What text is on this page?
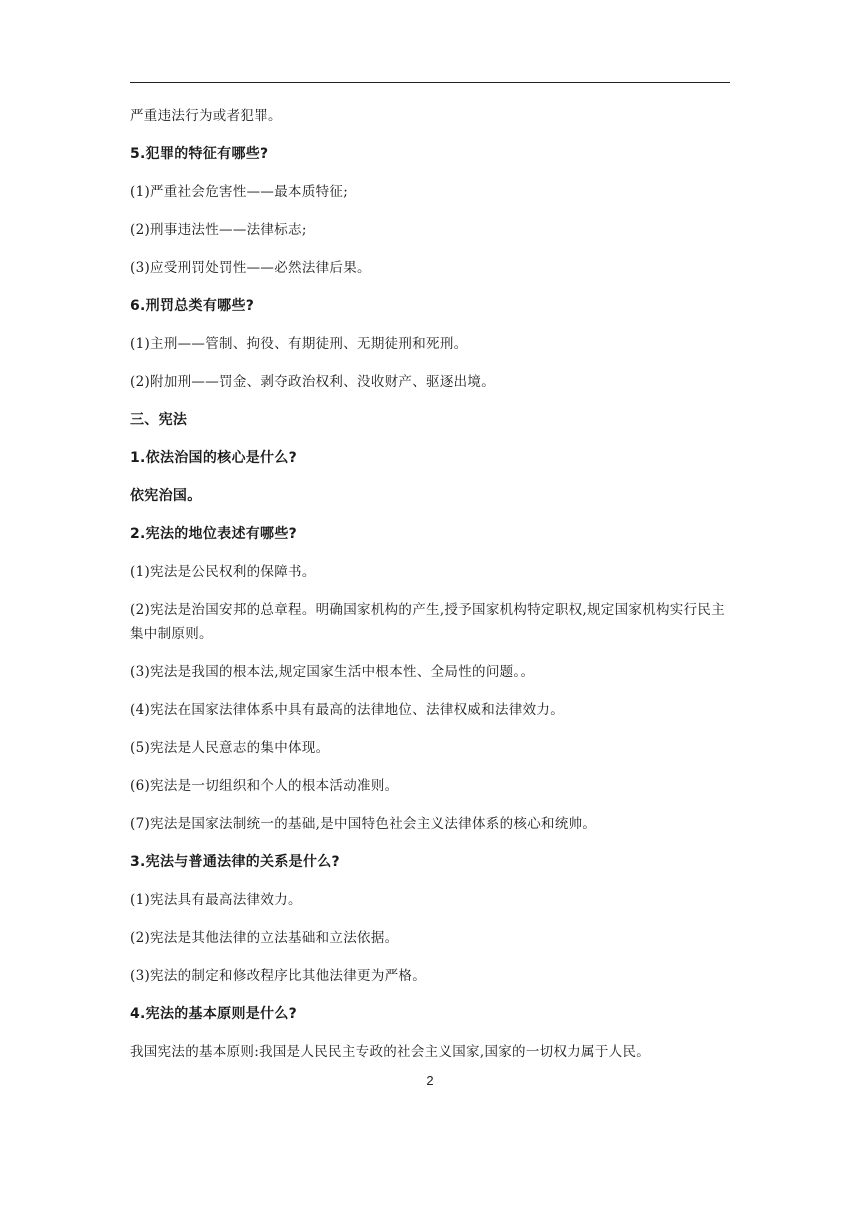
严重违法行为或者犯罪。

5.犯罪的特征有哪些?

(1)严重社会危害性——最本质特征;

(2)刑事违法性——法律标志;

(3)应受刑罚处罚性——必然法律后果。

6.刑罚总类有哪些?

(1)主刑——管制、拘役、有期徒刑、无期徒刑和死刑。

(2)附加刑——罚金、剥夺政治权利、没收财产、驱逐出境。

三、宪法

1.依法治国的核心是什么?

依宪治国。

2.宪法的地位表述有哪些?

(1)宪法是公民权利的保障书。

(2)宪法是治国安邦的总章程。明确国家机构的产生,授予国家机构特定职权,规定国家机构实行民主集中制原则。

(3)宪法是我国的根本法,规定国家生活中根本性、全局性的问题。。

(4)宪法在国家法律体系中具有最高的法律地位、法律权威和法律效力。

(5)宪法是人民意志的集中体现。

(6)宪法是一切组织和个人的根本活动准则。

(7)宪法是国家法制统一的基础,是中国特色社会主义法律体系的核心和统帅。

3.宪法与普通法律的关系是什么?

(1)宪法具有最高法律效力。

(2)宪法是其他法律的立法基础和立法依据。

(3)宪法的制定和修改程序比其他法律更为严格。

4.宪法的基本原则是什么?

我国宪法的基本原则:我国是人民民主专政的社会主义国家,国家的一切权力属于人民。

2
